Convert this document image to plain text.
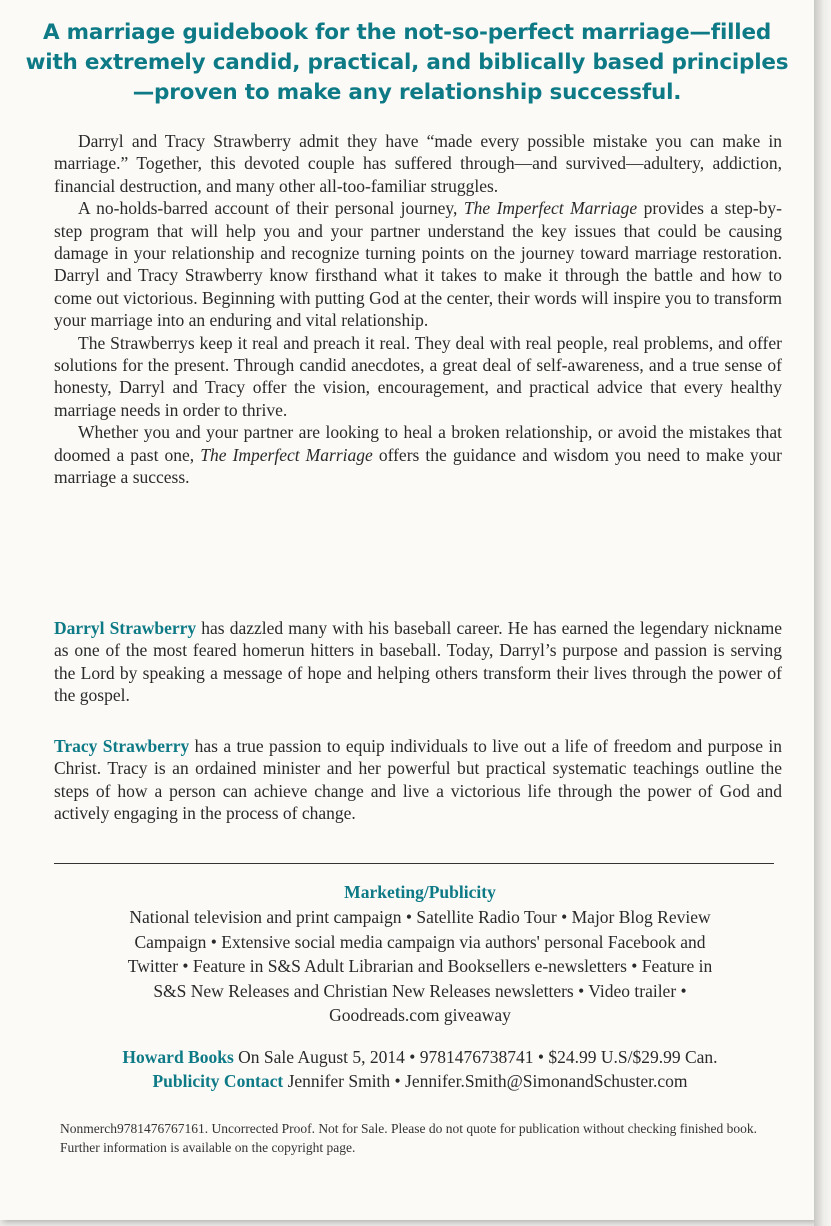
A marriage guidebook for the not-so-perfect marriage—filled with extremely candid, practical, and biblically based principles—proven to make any relationship successful.

Darryl and Tracy Strawberry admit they have “made every possible mistake you can make in marriage.” Together, this devoted couple has suffered through—and survived—adultery, addiction, financial destruction, and many other all-too-familiar struggles.

A no-holds-barred account of their personal journey, The Imperfect Marriage provides a step-by-step program that will help you and your partner understand the key issues that could be causing damage in your relationship and recognize turning points on the journey toward marriage restoration. Darryl and Tracy Strawberry know firsthand what it takes to make it through the battle and how to come out victorious. Beginning with putting God at the center, their words will inspire you to transform your marriage into an enduring and vital relationship.

The Strawberrys keep it real and preach it real. They deal with real people, real problems, and offer solutions for the present. Through candid anecdotes, a great deal of self-awareness, and a true sense of honesty, Darryl and Tracy offer the vision, encouragement, and practical advice that every healthy marriage needs in order to thrive.

Whether you and your partner are looking to heal a broken relationship, or avoid the mistakes that doomed a past one, The Imperfect Marriage offers the guidance and wisdom you need to make your marriage a success.

Darryl Strawberry has dazzled many with his baseball career. He has earned the legendary nickname as one of the most feared homerun hitters in baseball. Today, Darryl’s purpose and passion is serving the Lord by speaking a message of hope and helping others transform their lives through the power of the gospel.

Tracy Strawberry has a true passion to equip individuals to live out a life of freedom and purpose in Christ. Tracy is an ordained minister and her powerful but practical systematic teachings outline the steps of how a person can achieve change and live a victorious life through the power of God and actively engaging in the process of change.

Marketing/Publicity
National television and print campaign • Satellite Radio Tour • Major Blog Review
Campaign • Extensive social media campaign via authors' personal Facebook and
Twitter • Feature in S&S Adult Librarian and Booksellers e-newsletters • Feature in
S&S New Releases and Christian New Releases newsletters • Video trailer •
Goodreads.com giveaway
Howard Books On Sale August 5, 2014 • 9781476738741 • $24.99 U.S/$29.99 Can.
Publicity Contact Jennifer Smith • Jennifer.Smith@SimonandSchuster.com
Nonmerch9781476767161. Uncorrected Proof. Not for Sale. Please do not quote for publication without checking finished book. Further information is available on the copyright page.
